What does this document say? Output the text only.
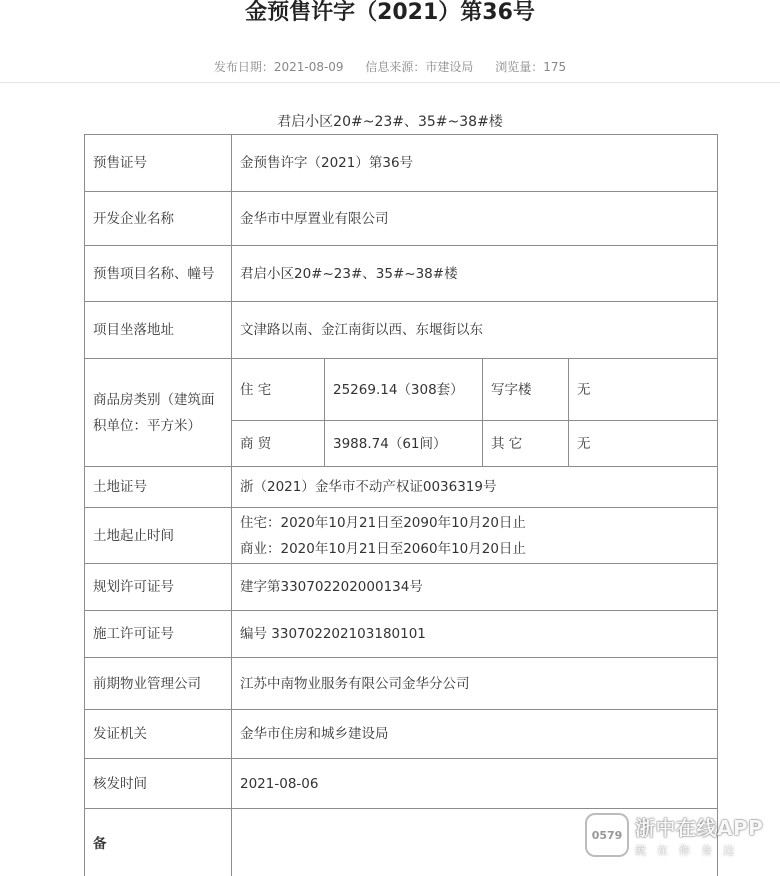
金预售许字（2021）第36号
发布日期：2021-08-09 信息来源：市建设局 浏览量：175
君启小区20#~23#、35#~38#楼
预售证号	金预售许字（2021）第36号			
开发企业名称	金华市中厚置业有限公司			
预售项目名称、幢号	君启小区20#~23#、35#~38#楼			
项目坐落地址	文津路以南、金江南街以西、东堰街以东			
商品房类别（建筑面积单位：平方米）	住 宅	25269.14（308套）	写字楼	无
	商 贸	3988.74（61间）	其 它	无
土地证号	浙（2021）金华市不动产权证0036319号			
土地起止时间	住宅：2020年10月21日至2090年10月20日止
商业：2020年10月21日至2060年10月20日止			

规划许可证号	建字第330702202000134号			
施工许可证号	编号 330702202103180101			
前期物业管理公司	江苏中南物业服务有限公司金华分公司			
发证机关	金华市住房和城乡建设局			
核发时间	2021-08-06			
备				
0579 浙中在线APP
就在你身边
